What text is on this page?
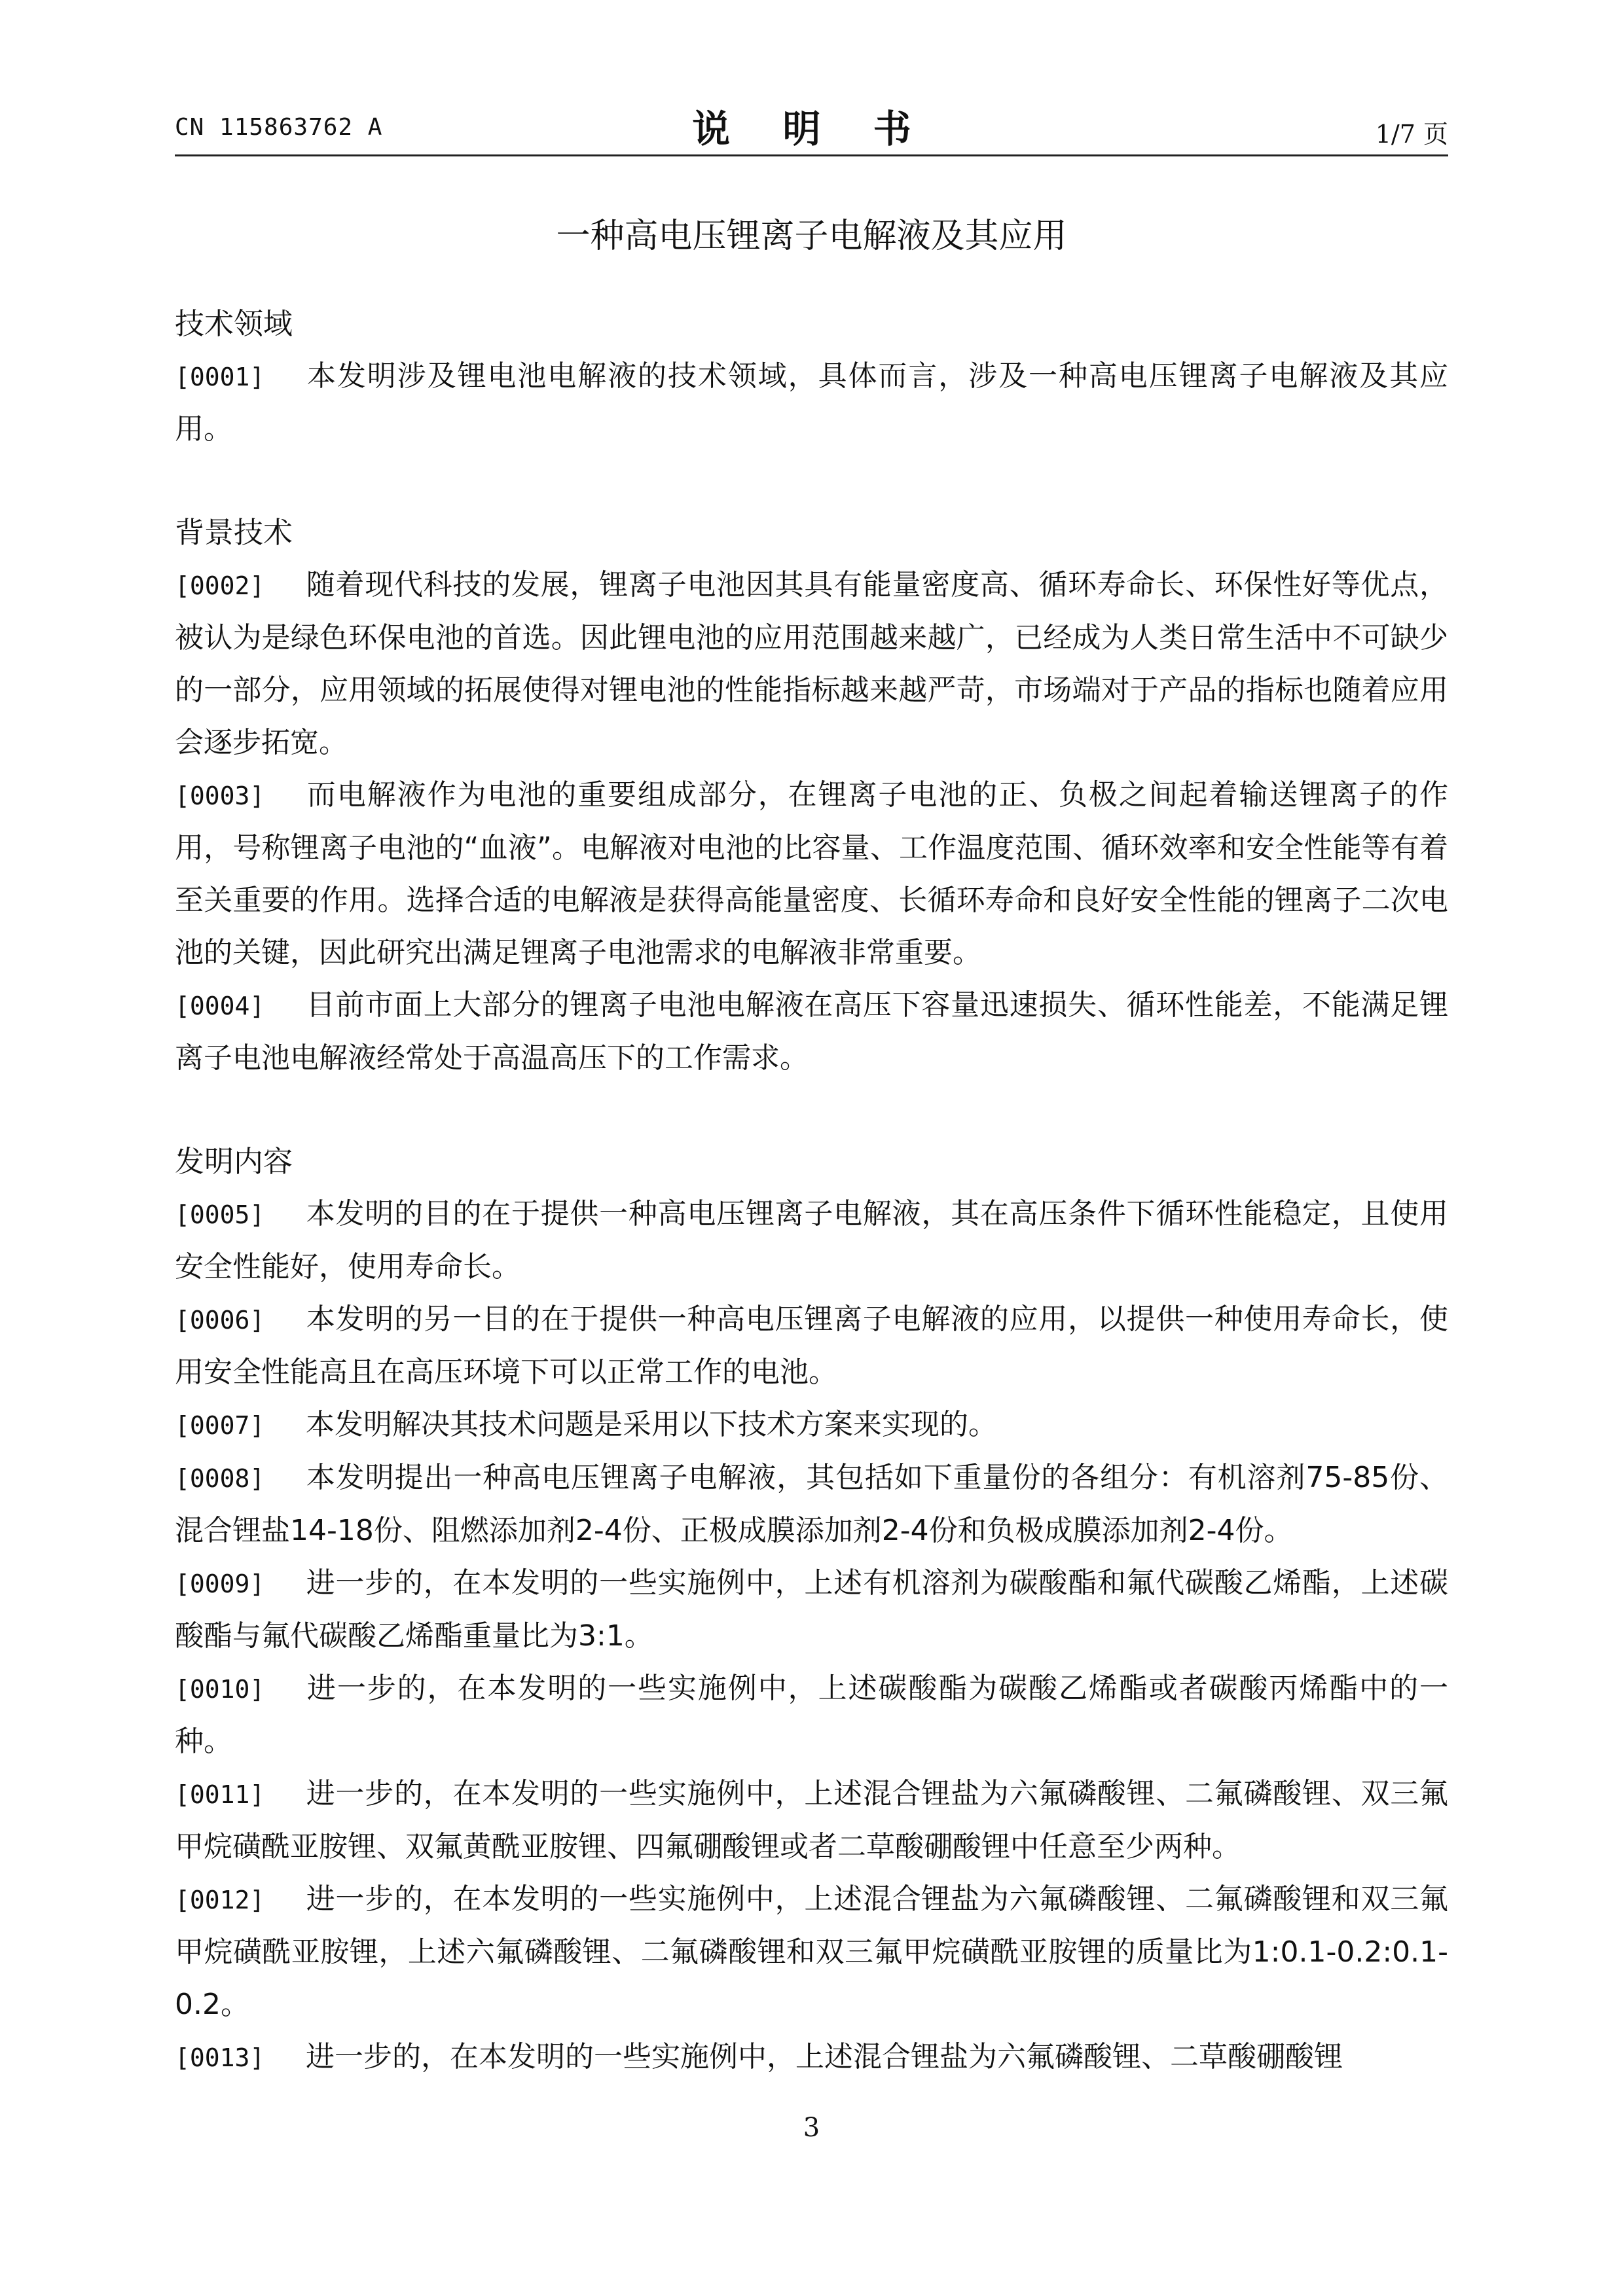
CN 115863762 A	说 明 书	1/7 页
一种高电压锂离子电解液及其应用
技术领域

[0001] 本发明涉及锂电池电解液的技术领域，具体而言，涉及一种高电压锂离子电解液及其应用。

背景技术

[0002] 随着现代科技的发展，锂离子电池因其具有能量密度高、循环寿命长、环保性好等优点，被认为是绿色环保电池的首选。因此锂电池的应用范围越来越广，已经成为人类日常生活中不可缺少的一部分，应用领域的拓展使得对锂电池的性能指标越来越严苛，市场端对于产品的指标也随着应用会逐步拓宽。

[0003] 而电解液作为电池的重要组成部分，在锂离子电池的正、负极之间起着输送锂离子的作用，号称锂离子电池的“血液”。电解液对电池的比容量、工作温度范围、循环效率和安全性能等有着至关重要的作用。选择合适的电解液是获得高能量密度、长循环寿命和良好安全性能的锂离子二次电池的关键，因此研究出满足锂离子电池需求的电解液非常重要。

[0004] 目前市面上大部分的锂离子电池电解液在高压下容量迅速损失、循环性能差，不能满足锂离子电池电解液经常处于高温高压下的工作需求。

发明内容

[0005] 本发明的目的在于提供一种高电压锂离子电解液，其在高压条件下循环性能稳定，且使用安全性能好，使用寿命长。

[0006] 本发明的另一目的在于提供一种高电压锂离子电解液的应用，以提供一种使用寿命长，使用安全性能高且在高压环境下可以正常工作的电池。

[0007] 本发明解决其技术问题是采用以下技术方案来实现的。

[0008] 本发明提出一种高电压锂离子电解液，其包括如下重量份的各组分：有机溶剂75-85份、混合锂盐14-18份、阻燃添加剂2-4份、正极成膜添加剂2-4份和负极成膜添加剂2-4份。

[0009] 进一步的，在本发明的一些实施例中，上述有机溶剂为碳酸酯和氟代碳酸乙烯酯，上述碳酸酯与氟代碳酸乙烯酯重量比为3:1。

[0010] 进一步的，在本发明的一些实施例中，上述碳酸酯为碳酸乙烯酯或者碳酸丙烯酯中的一种。

[0011] 进一步的，在本发明的一些实施例中，上述混合锂盐为六氟磷酸锂、二氟磷酸锂、双三氟甲烷磺酰亚胺锂、双氟黄酰亚胺锂、四氟硼酸锂或者二草酸硼酸锂中任意至少两种。

[0012] 进一步的，在本发明的一些实施例中，上述混合锂盐为六氟磷酸锂、二氟磷酸锂和双三氟甲烷磺酰亚胺锂，上述六氟磷酸锂、二氟磷酸锂和双三氟甲烷磺酰亚胺锂的质量比为1:0.1-0.2:0.1-0.2。

[0013] 进一步的，在本发明的一些实施例中，上述混合锂盐为六氟磷酸锂、二草酸硼酸锂

3
